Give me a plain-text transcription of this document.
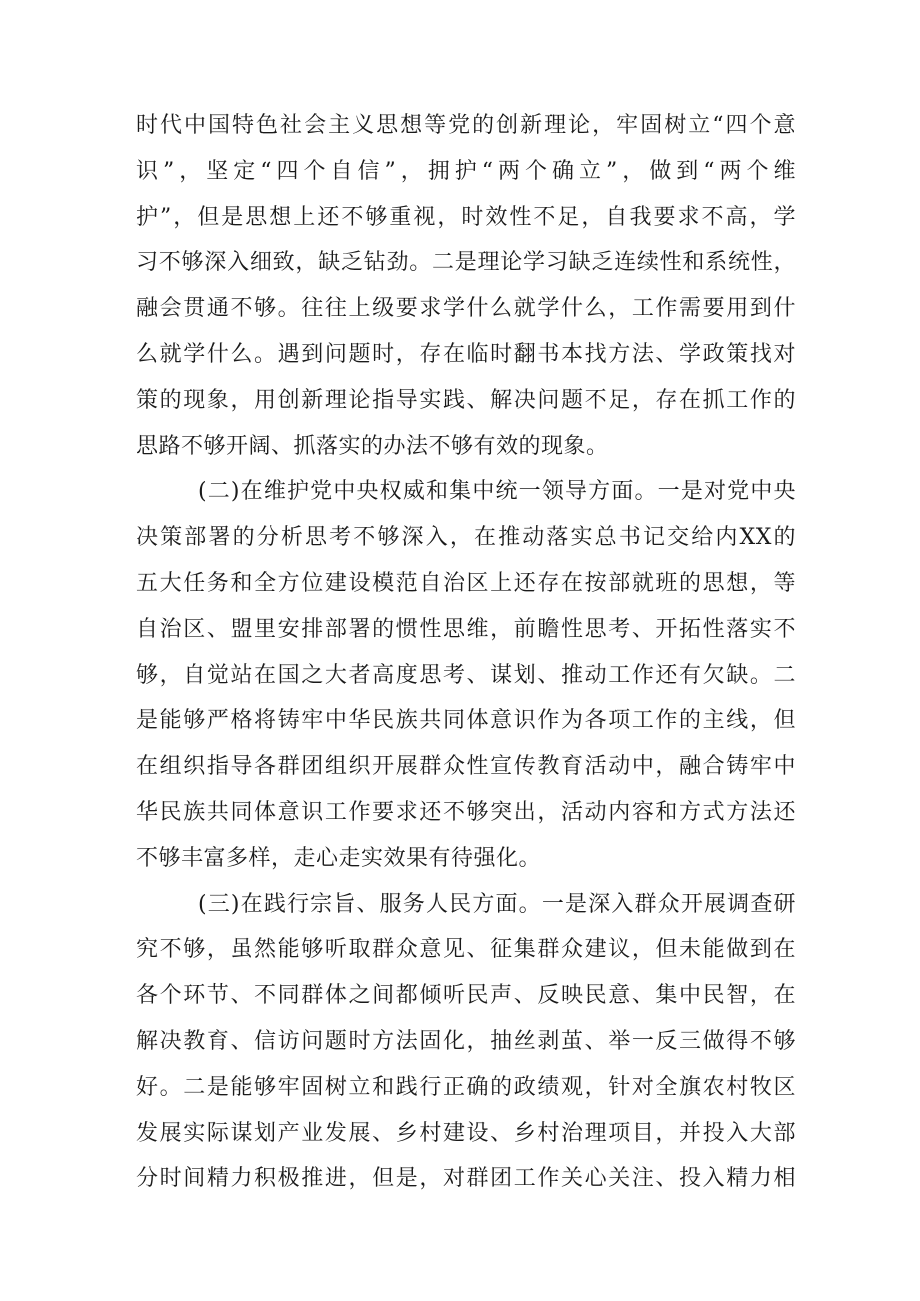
时代中国特色社会主义思想等党的创新理论，牢固树立“四个意
识”，坚定“四个自信”，拥护“两个确立”，做到“两个维
护”，但是思想上还不够重视，时效性不足，自我要求不高，学
习不够深入细致，缺乏钻劲。二是理论学习缺乏连续性和系统性，
融会贯通不够。往往上级要求学什么就学什么，工作需要用到什
么就学什么。遇到问题时，存在临时翻书本找方法、学政策找对
策的现象，用创新理论指导实践、解决问题不足，存在抓工作的
思路不够开阔、抓落实的办法不够有效的现象。
(二)在维护党中央权威和集中统一领导方面。一是对党中央
决策部署的分析思考不够深入，在推动落实总书记交给内XX的
五大任务和全方位建设模范自治区上还存在按部就班的思想，等
自治区、盟里安排部署的惯性思维，前瞻性思考、开拓性落实不
够，自觉站在国之大者高度思考、谋划、推动工作还有欠缺。二
是能够严格将铸牢中华民族共同体意识作为各项工作的主线，但
在组织指导各群团组织开展群众性宣传教育活动中，融合铸牢中
华民族共同体意识工作要求还不够突出，活动内容和方式方法还
不够丰富多样，走心走实效果有待强化。
(三)在践行宗旨、服务人民方面。一是深入群众开展调查研
究不够，虽然能够听取群众意见、征集群众建议，但未能做到在
各个环节、不同群体之间都倾听民声、反映民意、集中民智，在
解决教育、信访问题时方法固化，抽丝剥茧、举一反三做得不够
好。二是能够牢固树立和践行正确的政绩观，针对全旗农村牧区
发展实际谋划产业发展、乡村建设、乡村治理项目，并投入大部
分时间精力积极推进，但是，对群团工作关心关注、投入精力相
